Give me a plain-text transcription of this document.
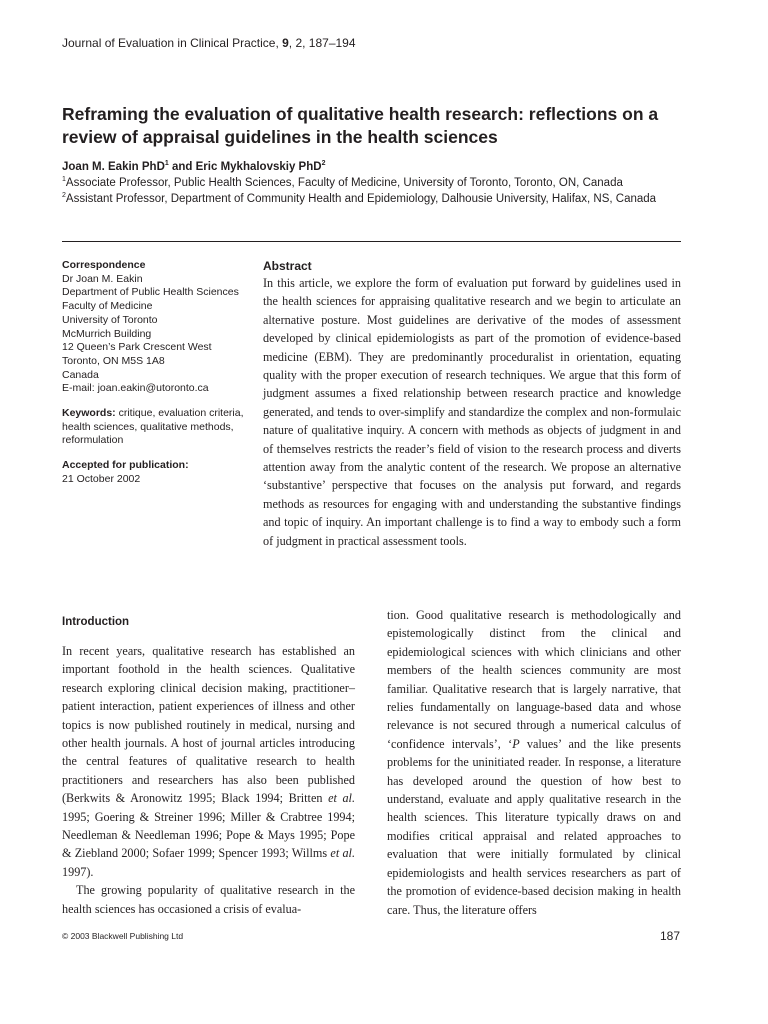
Journal of Evaluation in Clinical Practice, 9, 2, 187–194
Reframing the evaluation of qualitative health research: reflections on a review of appraisal guidelines in the health sciences
Joan M. Eakin PhD$^1$ and Eric Mykhalovskiy PhD$^2$
$^1$Associate Professor, Public Health Sciences, Faculty of Medicine, University of Toronto, Toronto, ON, Canada
$^2$Assistant Professor, Department of Community Health and Epidemiology, Dalhousie University, Halifax, NS, Canada
Correspondence
Dr Joan M. Eakin
Department of Public Health Sciences
Faculty of Medicine
University of Toronto
McMurrich Building
12 Queen’s Park Crescent West
Toronto, ON M5S 1A8
Canada
E-mail: joan.eakin@utoronto.ca
Keywords: critique, evaluation criteria, health sciences, qualitative methods, reformulation
Accepted for publication:
21 October 2002
Abstract

In this article, we explore the form of evaluation put forward by guidelines used in the health sciences for appraising qualitative research and we begin to articulate an alternative posture. Most guidelines are derivative of the modes of assessment developed by clinical epidemiologists as part of the promotion of evidence-based medicine (EBM). They are predominantly proceduralist in orientation, equating quality with the proper execution of research techniques. We argue that this form of judgment assumes a fixed relationship between research practice and knowledge generated, and tends to over-simplify and standardize the complex and non-formulaic nature of qualitative inquiry. A concern with methods as objects of judgment in and of themselves restricts the reader’s field of vision to the research process and diverts attention away from the analytic content of the research. We propose an alternative ‘substantive’ perspective that focuses on the analysis put forward, and regards methods as resources for engaging with and understanding the substantive findings and topic of inquiry. An important challenge is to find a way to embody such a form of judgment in practical assessment tools.

Introduction

In recent years, qualitative research has established an important foothold in the health sciences. Qualitative research exploring clinical decision making, practitioner–patient interaction, patient experiences of illness and other topics is now published routinely in medical, nursing and other health journals. A host of journal articles introducing the central features of qualitative research to health practitioners and researchers has also been published (Berkwits & Aronowitz 1995; Black 1994; Britten et al. 1995; Goering & Streiner 1996; Miller & Crabtree 1994; Needleman & Needleman 1996; Pope & Mays 1995; Pope & Ziebland 2000; Sofaer 1999; Spencer 1993; Willms et al. 1997).

The growing popularity of qualitative research in the health sciences has occasioned a crisis of evalua-

tion. Good qualitative research is methodologically and epistemologically distinct from the clinical and epidemiological sciences with which clinicians and other members of the health sciences community are most familiar. Qualitative research that is largely narrative, that relies fundamentally on language-based data and whose relevance is not secured through a numerical calculus of ‘confidence intervals’, ‘P values’ and the like presents problems for the uninitiated reader. In response, a literature has developed around the question of how best to understand, evaluate and apply qualitative research in the health sciences. This literature typically draws on and modifies critical appraisal and related approaches to evaluation that were initially formulated by clinical epidemiologists and health services researchers as part of the promotion of evidence-based decision making in health care. Thus, the literature offers

© 2003 Blackwell Publishing Ltd	187
